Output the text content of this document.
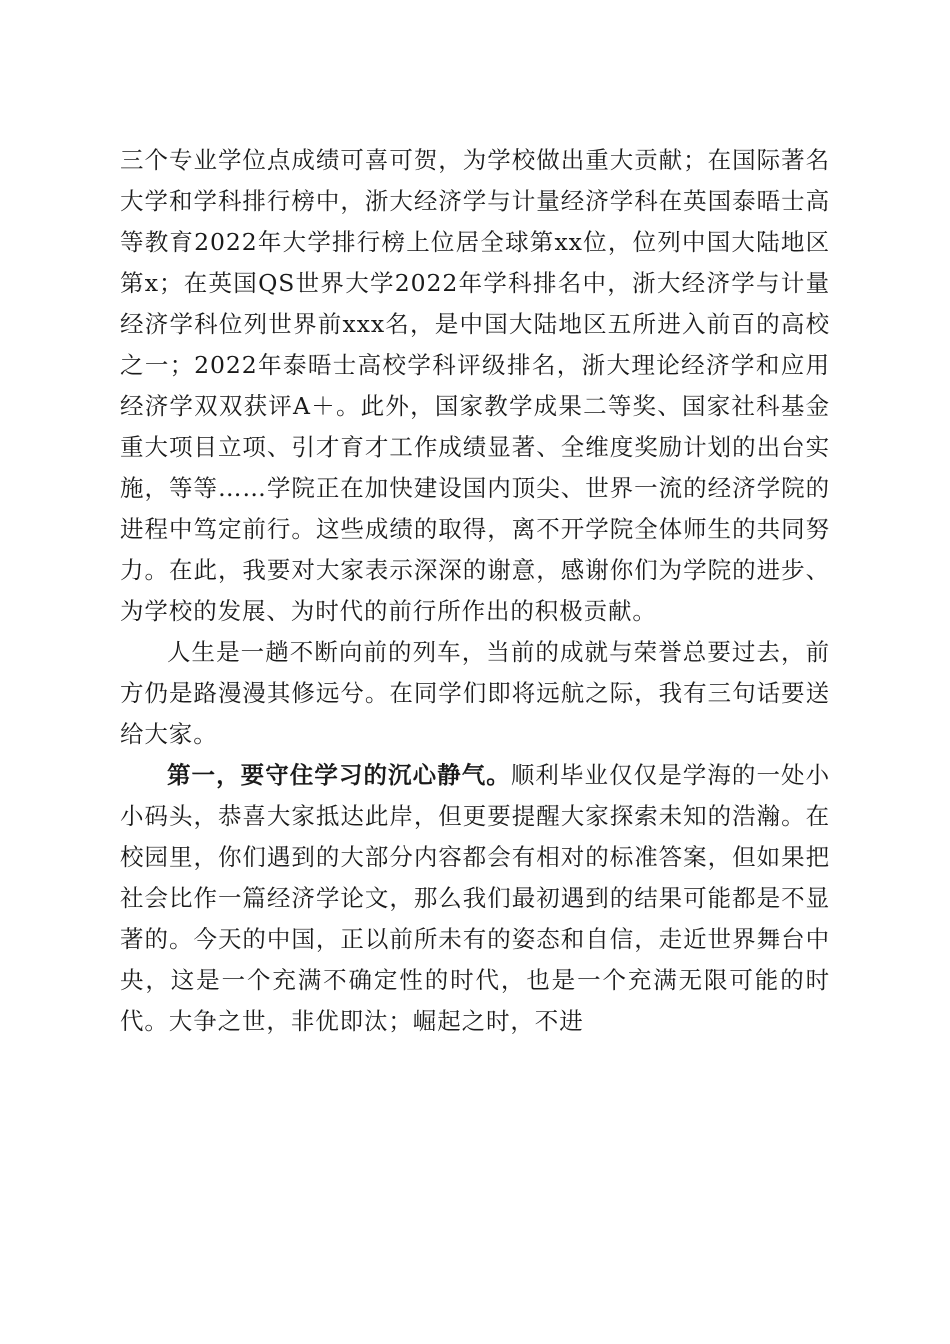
三个专业学位点成绩可喜可贺，为学校做出重大贡献；在国际著名大学和学科排行榜中，浙大经济学与计量经济学科在英国泰晤士高等教育2022年大学排行榜上位居全球第xx位，位列中国大陆地区第x；在英国QS世界大学2022年学科排名中，浙大经济学与计量经济学科位列世界前xxx名，是中国大陆地区五所进入前百的高校之一；2022年泰晤士高校学科评级排名，浙大理论经济学和应用经济学双双获评A＋。此外，国家教学成果二等奖、国家社科基金重大项目立项、引才育才工作成绩显著、全维度奖励计划的出台实施，等等……学院正在加快建设国内顶尖、世界一流的经济学院的进程中笃定前行。这些成绩的取得，离不开学院全体师生的共同努力。在此，我要对大家表示深深的谢意，感谢你们为学院的进步、为学校的发展、为时代的前行所作出的积极贡献。

人生是一趟不断向前的列车，当前的成就与荣誉总要过去，前方仍是路漫漫其修远兮。在同学们即将远航之际，我有三句话要送给大家。

第一，要守住学习的沉心静气。顺利毕业仅仅是学海的一处小小码头，恭喜大家抵达此岸，但更要提醒大家探索未知的浩瀚。在校园里，你们遇到的大部分内容都会有相对的标准答案，但如果把社会比作一篇经济学论文，那么我们最初遇到的结果可能都是不显著的。今天的中国，正以前所未有的姿态和自信，走近世界舞台中央，这是一个充满不确定性的时代，也是一个充满无限可能的时代。大争之世，非优即汰；崛起之时，不进
